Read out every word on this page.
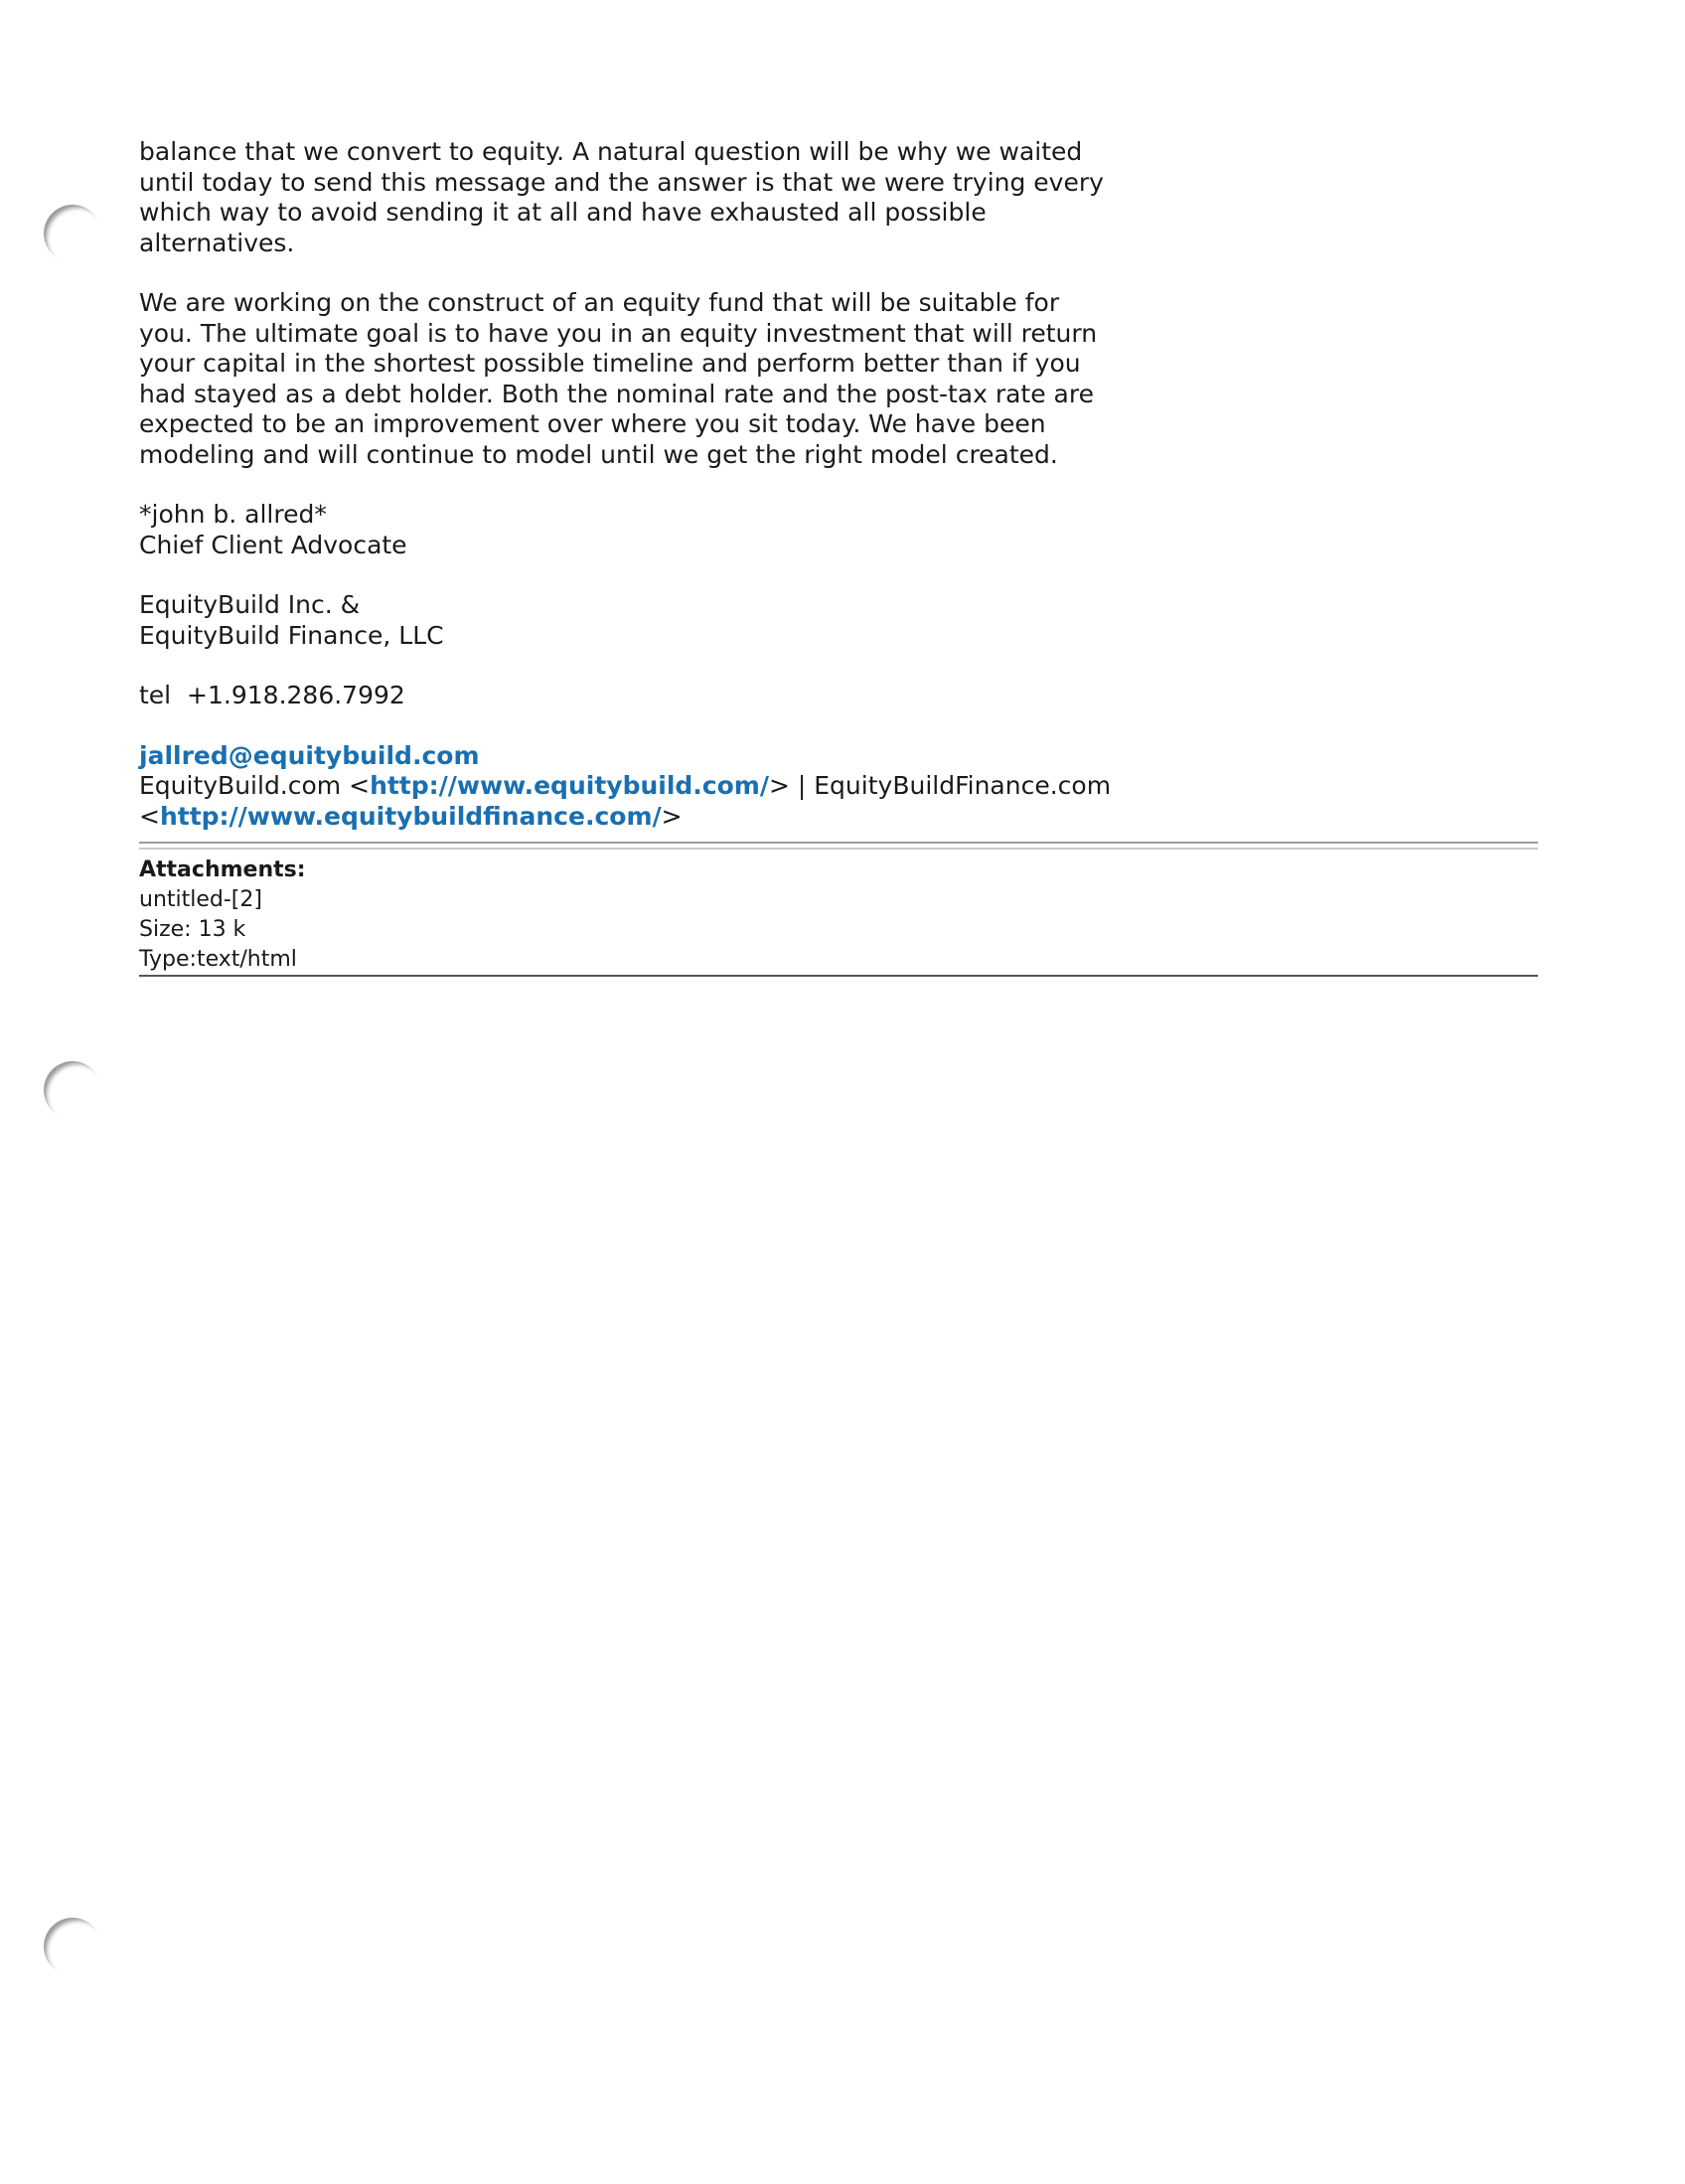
balance that we convert to equity. A natural question will be why we waited until today to send this message and the answer is that we were trying every which way to avoid sending it at all and have exhausted all possible alternatives.

We are working on the construct of an equity fund that will be suitable for you. The ultimate goal is to have you in an equity investment that will return your capital in the shortest possible timeline and perform better than if you had stayed as a debt holder. Both the nominal rate and the post-tax rate are expected to be an improvement over where you sit today. We have been modeling and will continue to model until we get the right model created.

*john b. allred*

Chief Client Advocate

EquityBuild Inc. &

EquityBuild Finance, LLC

tel +1.918.286.7992

jallred@equitybuild.com

EquityBuild.com <http://www.equitybuild.com/> | EquityBuildFinance.com

<http://www.equitybuildfinance.com/>

Attachments:

untitled-[2]

Size: 13 k

Type:text/html
